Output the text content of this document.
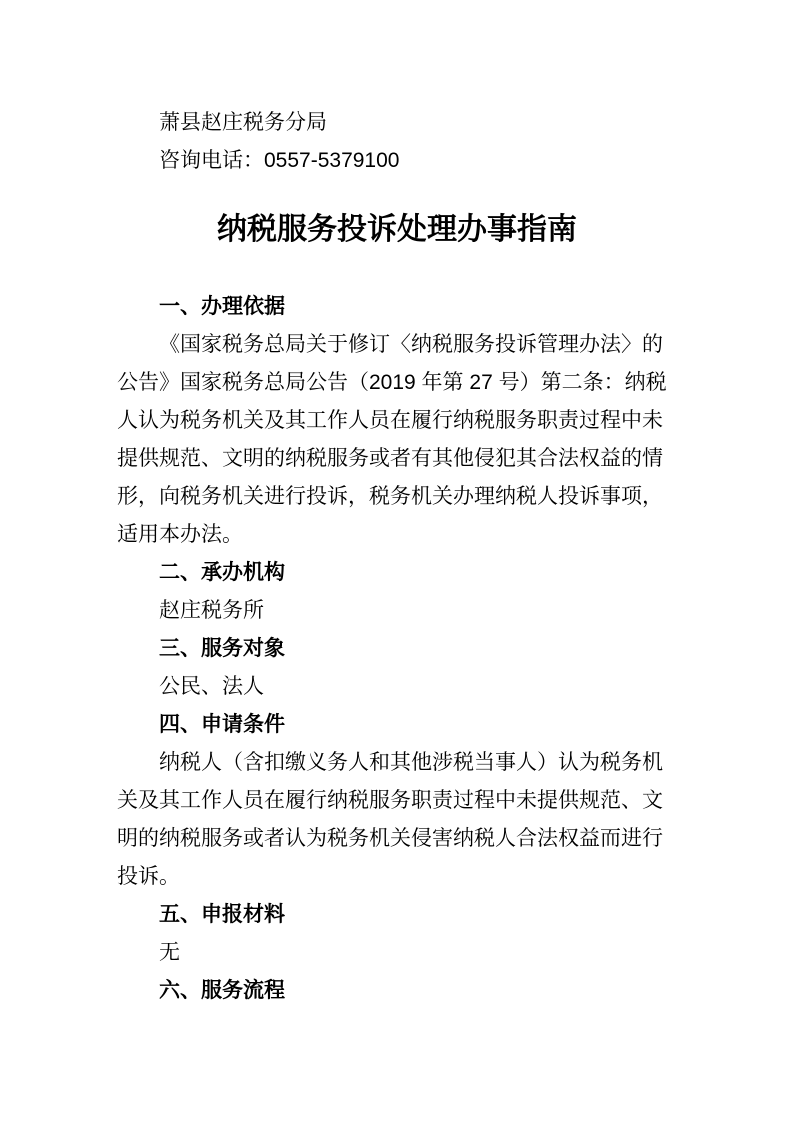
萧县赵庄税务分局

咨询电话：0557-5379100

纳税服务投诉处理办事指南

一、办理依据

《国家税务总局关于修订〈纳税服务投诉管理办法〉的公告》国家税务总局公告（2019 年第 27 号）第二条：纳税人认为税务机关及其工作人员在履行纳税服务职责过程中未提供规范、文明的纳税服务或者有其他侵犯其合法权益的情形，向税务机关进行投诉，税务机关办理纳税人投诉事项，适用本办法。

二、承办机构

赵庄税务所

三、服务对象

公民、法人

四、申请条件

纳税人（含扣缴义务人和其他涉税当事人）认为税务机关及其工作人员在履行纳税服务职责过程中未提供规范、文明的纳税服务或者认为税务机关侵害纳税人合法权益而进行投诉。

五、申报材料

无

六、服务流程
